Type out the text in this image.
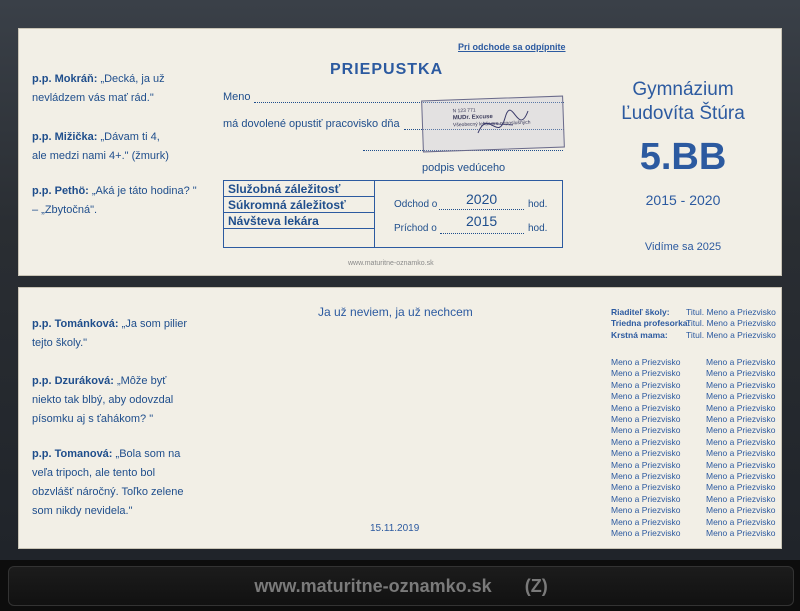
p.p. Mokráň: „Decká, ja už
nevládzem vás mať rád."
p.p. Mižička: „Dávam ti 4,
ale medzi nami 4+." (žmurk)
p.p. Pethö: „Aká je táto hodina? "
– „Zbytočná".
Pri odchode sa odpípnite
PRIEPUSTKA
Meno
má dovolené opustiť pracovisko dňa
podpis vedúceho
N 123 771
MUDr. Excuse
Všeobecný lekár pre neposlušných
Služobná záležitosť
Súkromná záležitosť
Návšteva lekára
Odchod o 2020	hod.
Príchod o 2015	hod.
www.maturitne-oznamko.sk
Gymnázium
Ľudovíta Štúra
5.BB
2015 - 2020
Vidíme sa 2025
p.p. Tománková: „Ja som pilier
tejto školy."
p.p. Dzuráková: „Môže byť
niekto tak blbý, aby odovzdal
písomku aj s ťahákom? "
p.p. Tomanová: „Bola som na
veľa tripoch, ale tento bol
obzvlášť náročný. Toľko zelene
som nikdy nevidela."
Ja už neviem, ja už nechcem
15.11.2019
Riaditeľ školy:
Triedna profesorka:
Krstná mama:
Titul. Meno a Priezvisko
Titul. Meno a Priezvisko
Titul. Meno a Priezvisko
Meno a Priezvisko
Meno a Priezvisko
Meno a Priezvisko
Meno a Priezvisko
Meno a Priezvisko
Meno a Priezvisko
Meno a Priezvisko
Meno a Priezvisko
Meno a Priezvisko
Meno a Priezvisko
Meno a Priezvisko
Meno a Priezvisko
Meno a Priezvisko
Meno a Priezvisko
Meno a Priezvisko
Meno a Priezvisko
Meno a Priezvisko
Meno a Priezvisko
Meno a Priezvisko
Meno a Priezvisko
Meno a Priezvisko
Meno a Priezvisko
Meno a Priezvisko
Meno a Priezvisko
Meno a Priezvisko
Meno a Priezvisko
Meno a Priezvisko
Meno a Priezvisko
Meno a Priezvisko
Meno a Priezvisko
Meno a Priezvisko
Meno a Priezvisko
www.maturitne-oznamko.sk (Z)
